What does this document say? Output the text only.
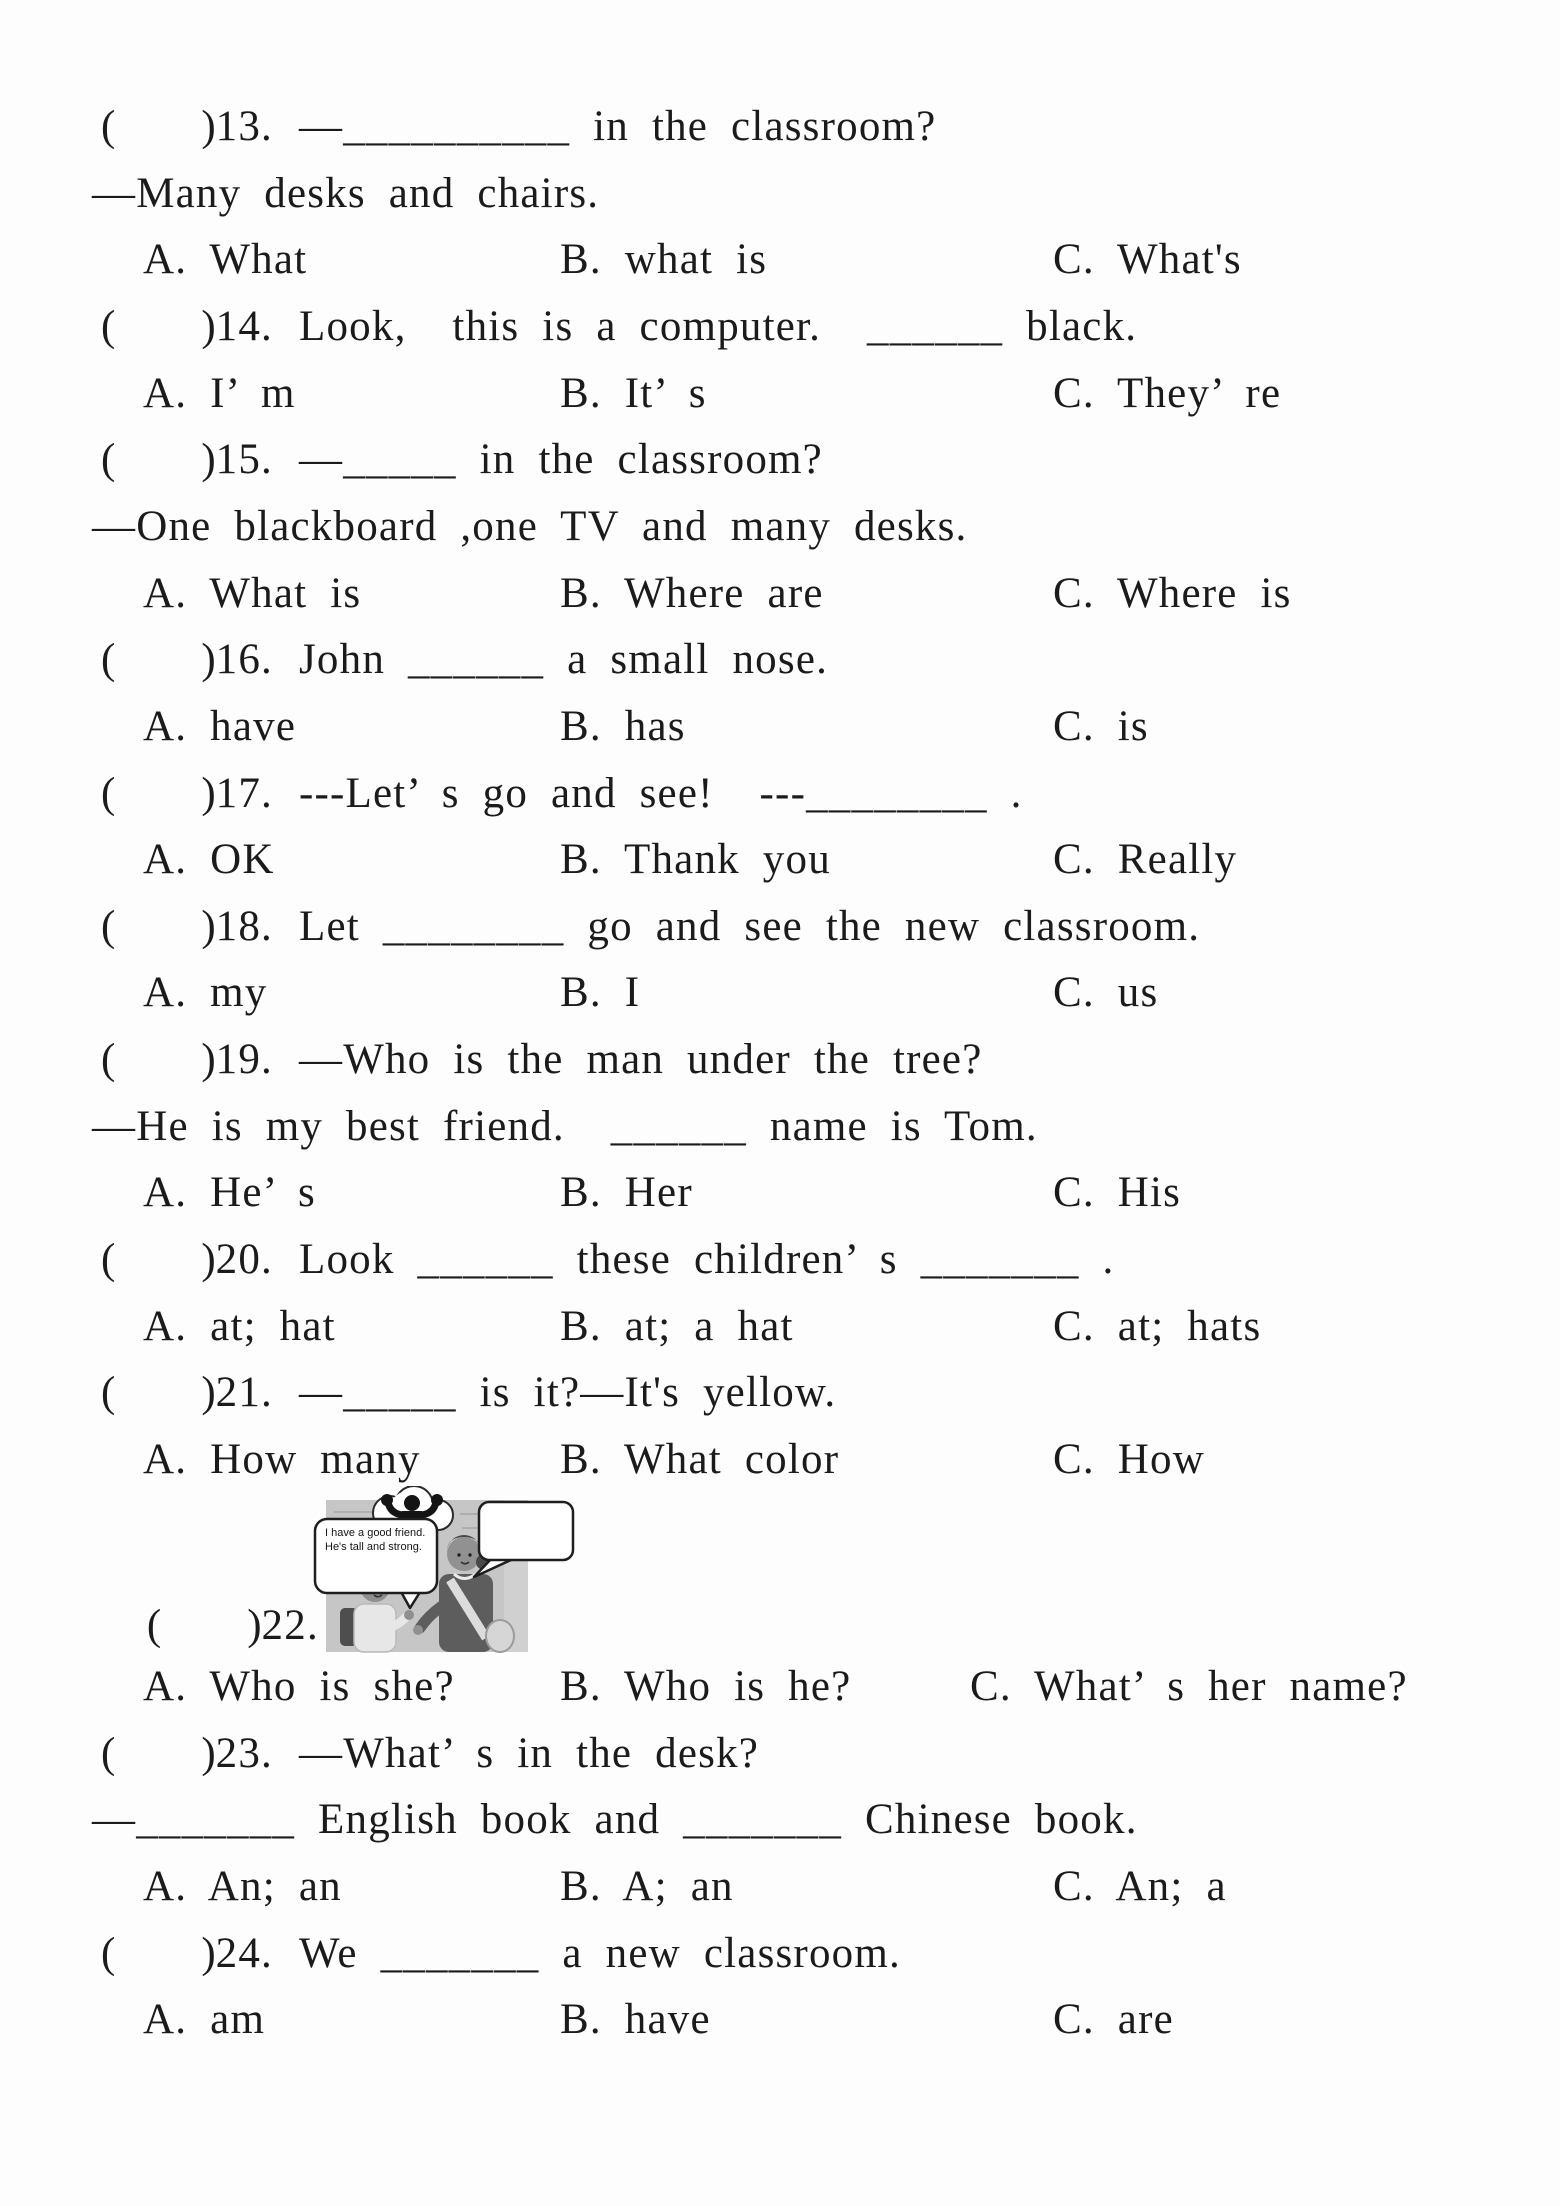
(        )22.

I have a good friend. He's tall and strong.
(        )13. —__________ in the classroom?
—Many desks and chairs.
A. What	B. what is	C. What's
(        )14. Look,  this is a computer.  ______ black.
A. I’ m	B. It’ s	C. They’ re
(        )15. —_____ in the classroom?
—One blackboard ,one TV and many desks.
A. What is	B. Where are	C. Where is
(        )16. John ______ a small nose.
A. have	B. has	C. is
(        )17. ---Let’ s go and see!  ---________ .
A. OK	B. Thank you	C. Really
(        )18. Let ________ go and see the new classroom.
A. my	B. I	C. us
(        )19. —Who is the man under the tree?
—He is my best friend.  ______ name is Tom.
A. He’ s	B. Her	C. His
(        )20. Look ______ these children’ s _______ .
A. at; hat	B. at; a hat	C. at; hats
(        )21. —_____ is it?—It's yellow.
A. How many	B. What color	C. How
A. Who is she? B. Who is he?	C. What’ s her name?
(        )23. —What’ s in the desk?
—_______ English book and _______ Chinese book.
A. An; an	B. A; an	C. An; a
(        )24. We _______ a new classroom.
A. am	B. have	C. are
